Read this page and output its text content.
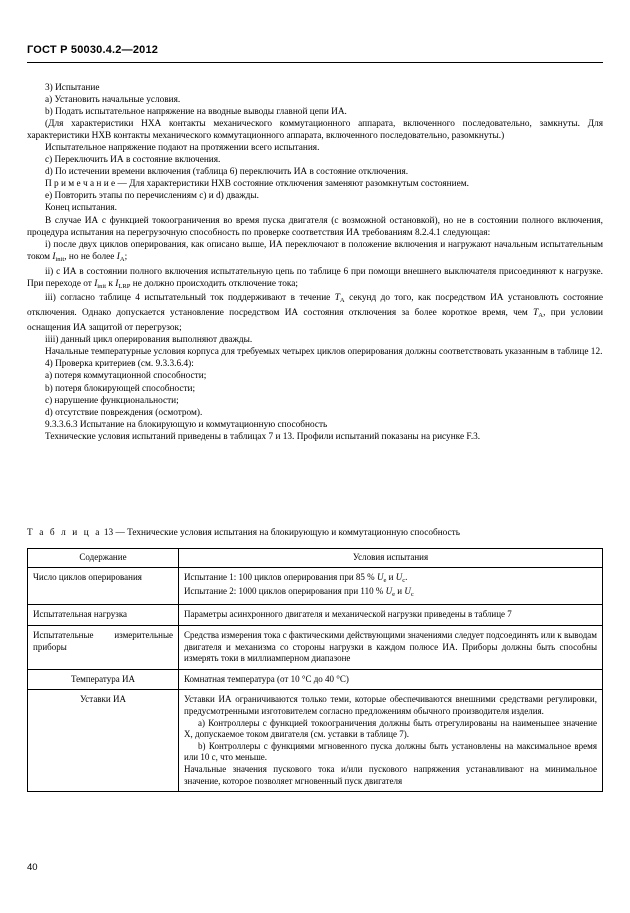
ГОСТ Р 50030.4.2—2012

3) Испытание

a) Установить начальные условия.

b) Подать испытательное напряжение на вводные выводы главной цепи ИА.

(Для характеристики НХА контакты механического коммутационного аппарата, включенного последовательно, замкнуты. Для характеристики НХВ контакты механического коммутационного аппарата, включенного последовательно, разомкнуты.)

Испытательное напряжение подают на протяжении всего испытания.

c) Переключить ИА в состояние включения.

d) По истечении времени включения (таблица 6) переключить ИА в состояние отключения.

П р и м е ч а н и е — Для характеристики НХВ состояние отключения заменяют разомкнутым состоянием.

e) Повторить этапы по перечислениям c) и d) дважды.

Конец испытания.

В случае ИА с функцией токоограничения во время пуска двигателя (с возможной остановкой), но не в состоянии полного включения, процедура испытания на перегрузочную способность по проверке соответствия ИА требованиям 8.2.4.1 следующая:

i) после двух циклов оперирования, как описано выше, ИА переключают в положение включения и нагружают начальным испытательным током $I_{init}$, но не более $I_A$;

ii) c ИА в состоянии полного включения испытательную цепь по таблице 6 при помощи внешнего выключателя присоединяют к нагрузке. При переходе от $I_{init}$ к $I_{LRP}$ не должно происходить отключение тока;

iii) согласно таблице 4 испытательный ток поддерживают в течение $T_A$ секунд до того, как посредством ИА установлють состояние отключения. Однако допускается установление посредством ИА состояния отключения за более короткое время, чем $T_A$, при условии оснащения ИА защитой от перегрузок;

iiii) данный цикл оперирования выполняют дважды.

Начальные температурные условия корпуса для требуемых четырех циклов оперирования должны соответствовать указанным в таблице 12.

4) Проверка критериев (см. 9.3.3.6.4):

a) потеря коммутационной способности;

b) потеря блокирующей способности;

c) нарушение функциональности;

d) отсутствие повреждения (осмотром).

9.3.3.6.3 Испытание на блокирующую и коммутационную способность

Технические условия испытаний приведены в таблицах 7 и 13. Профили испытаний показаны на рисунке F.3.

Т а б л и ц а 13 — Технические условия испытания на блокирующую и коммутационную способность
Содержание	Условия испытания
Число циклов оперирования	Испытание 1: 100 циклов оперирования при 85 % $U_e$ и $U_c$.
Испытание 2: 1000 циклов оперирования при 110 % $U_e$ и $U_c$

Испытательная нагрузка	Параметры асинхронного двигателя и механической нагрузки приведены в таблице 7
Испытательные измерительные приборы	Средства измерения тока с фактическими действующими значениями следует подсоединять или к выводам двигателя и механизма со стороны нагрузки в каждом полюсе ИА. Приборы должны быть способны измерять токи в миллиамперном диапазоне
Температура ИА	Комнатная температура (от 10 °С до 40 °С)
Уставки ИА	Уставки ИА ограничиваются только теми, которые обеспечиваются внешними средствами регулировки, предусмотренными изготовителем согласно предложениям обычного производителя изделия.
a) Контроллеры с функцией токоограничения должны быть отрегулированы на наименьшее значение X, допускаемое током двигателя (см. уставки в таблице 7).
b) Контроллеры с функциями мгновенного пуска должны быть установлены на максимальное время или 10 с, что меньше.
Начальные значения пускового тока и/или пускового напряжения устанавливают на минимальное значение, которое позволяет мгновенный пуск двигателя
40
